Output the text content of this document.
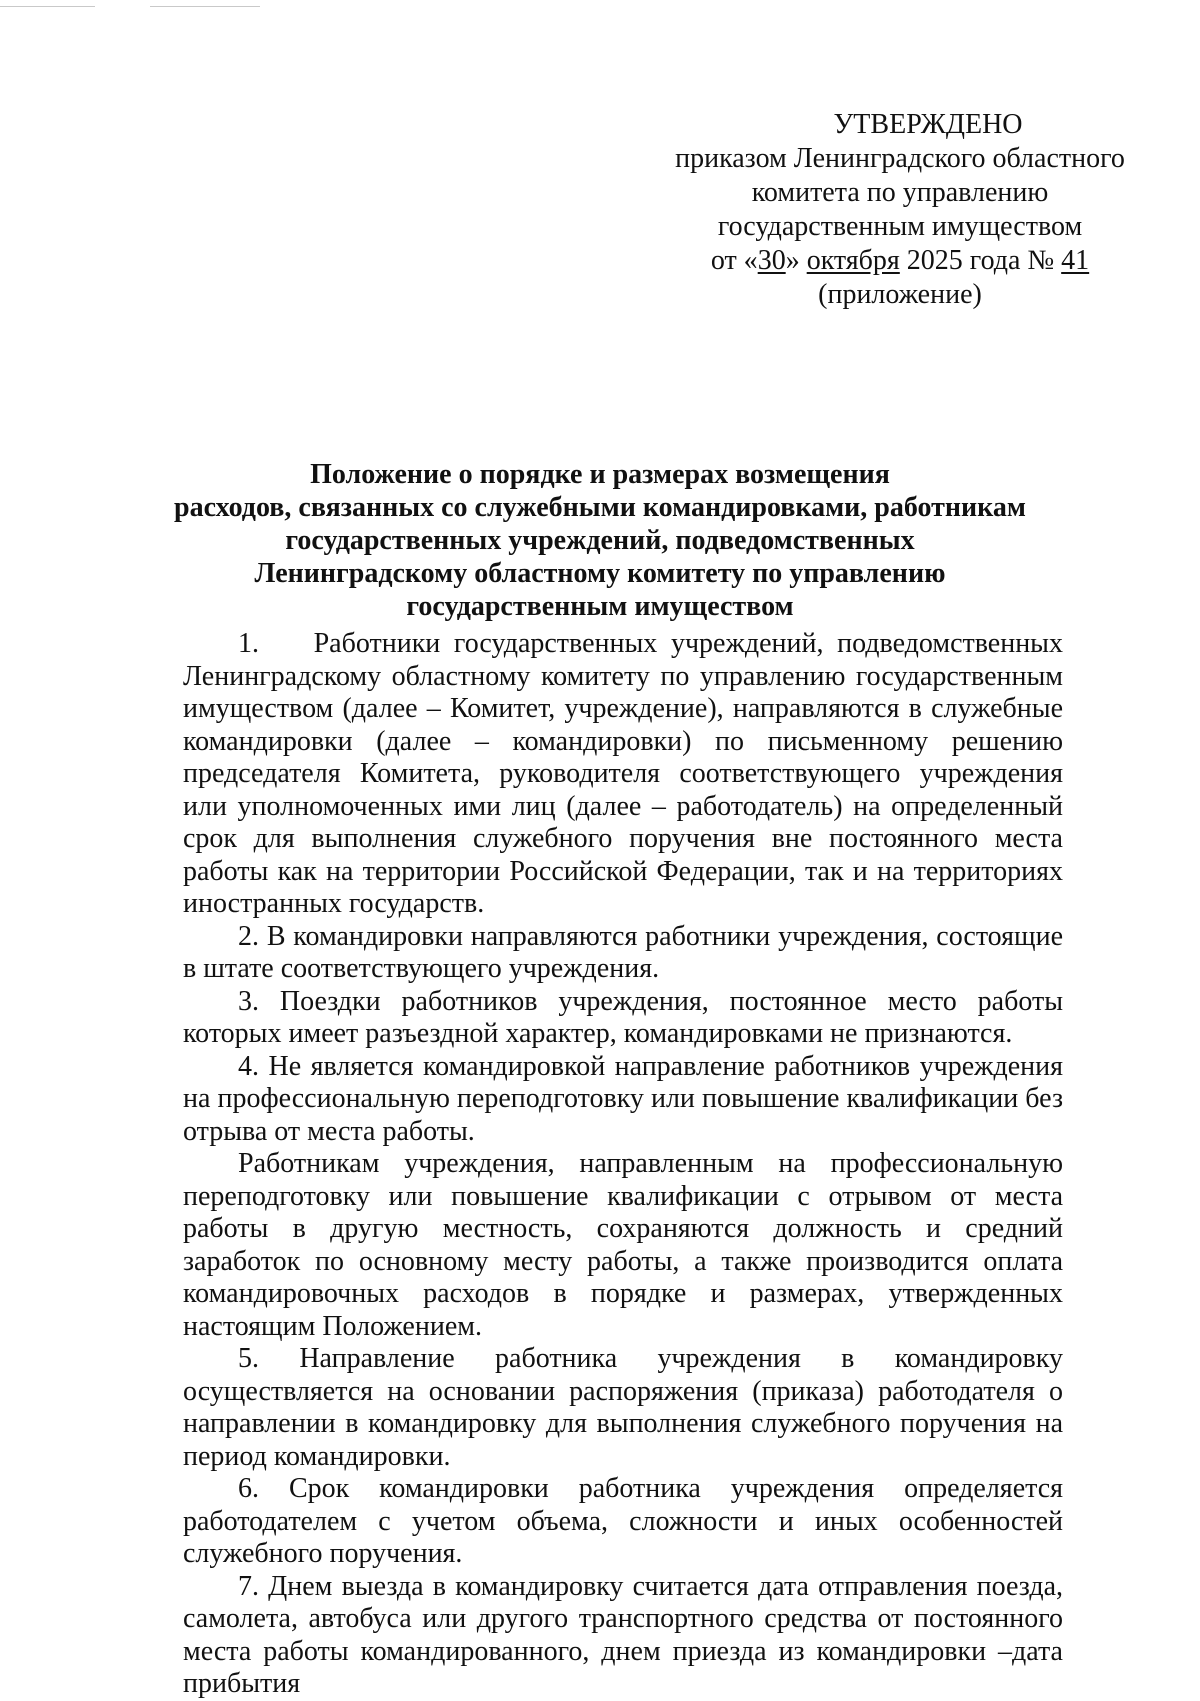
УТВЕРЖДЕНО
приказом Ленинградского областного
комитета по управлению
государственным имуществом
от «30» октября 2025 года № 41
(приложение)
Положение о порядке и размерах возмещения
расходов, связанных со служебными командировками, работникам
государственных учреждений, подведомственных
Ленинградскому областному комитету по управлению
государственным имуществом

1.    Работники государственных учреждений, подведомственных Ленинградскому областному комитету по управлению государственным имуществом (далее – Комитет, учреждение), направляются в служебные командировки (далее – командировки) по письменному решению председателя Комитета, руководителя соответствующего учреждения или уполномоченных ими лиц (далее – работодатель) на определенный срок для выполнения служебного поручения вне постоянного места работы как на территории Российской Федерации, так и на территориях иностранных государств.

2. В командировки направляются работники учреждения, состоящие в штате соответствующего учреждения.

3. Поездки работников учреждения, постоянное место работы которых имеет разъездной характер, командировками не признаются.

4. Не является командировкой направление работников учреждения на профессиональную переподготовку или повышение квалификации без отрыва от места работы.

Работникам учреждения, направленным на профессиональную переподготовку или повышение квалификации с отрывом от места работы в другую местность, сохраняются должность и средний заработок по основному месту работы, а также производится оплата командировочных расходов в порядке и размерах, утвержденных настоящим Положением.

5. Направление работника учреждения в командировку осуществляется на основании распоряжения (приказа) работодателя о направлении в командировку для выполнения служебного поручения на период командировки.

6. Срок командировки работника учреждения определяется работодателем с учетом объема, сложности и иных особенностей служебного поручения.

7. Днем выезда в командировку считается дата отправления поезда, самолета, автобуса или другого транспортного средства от постоянного места работы командированного, днем приезда из командировки –дата прибытия
